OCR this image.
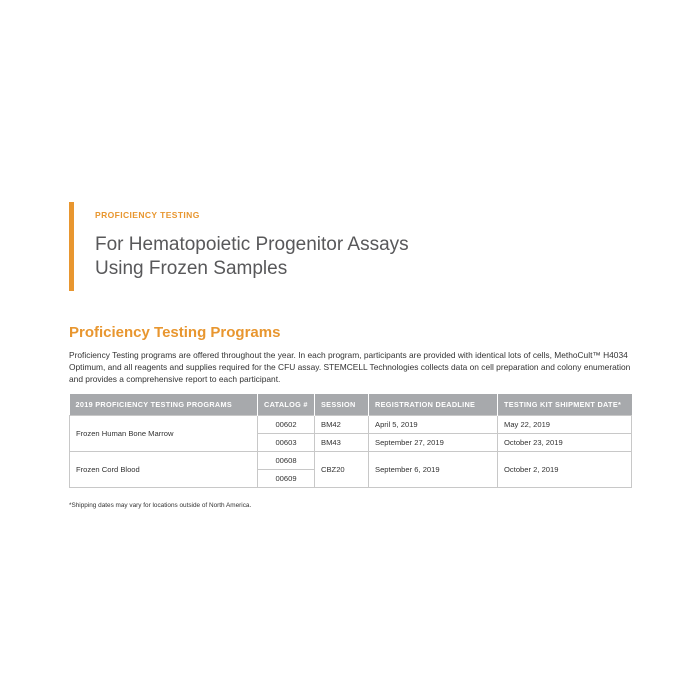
PROFICIENCY TESTING
For Hematopoietic Progenitor Assays
Using Frozen Samples
Proficiency Testing Programs
Proficiency Testing programs are offered throughout the year. In each program, participants are provided with identical lots of cells, MethoCult™ H4034 Optimum, and all reagents and supplies required for the CFU assay. STEMCELL Technologies collects data on cell preparation and colony enumeration and provides a comprehensive report to each participant.
2019 PROFICIENCY TESTING PROGRAMS	CATALOG #	SESSION	REGISTRATION DEADLINE	TESTING KIT SHIPMENT DATE*
Frozen Human Bone Marrow	00602	BM42	April 5, 2019	May 22, 2019
	00603	BM43	September 27, 2019	October 23, 2019
Frozen Cord Blood	00608	CBZ20	September 6, 2019	October 2, 2019
	00609			
*Shipping dates may vary for locations outside of North America.
